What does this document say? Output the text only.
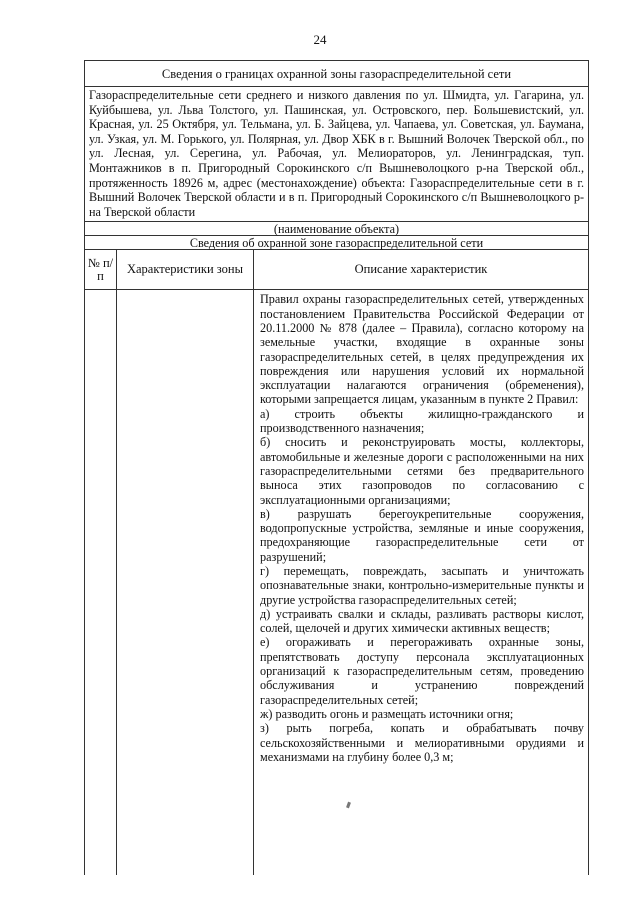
24
Сведения о границах охранной зоны газораспределительной сети

Газораспределительные сети среднего и низкого давления по ул. Шмидта, ул. Гагарина, ул. Куйбышева, ул. Льва Толстого, ул. Пашинская, ул. Островского, пер. Большевистский, ул. Красная, ул. 25 Октября, ул. Тельмана, ул. Б. Зайцева, ул. Чапаева, ул. Советская, ул. Баумана, ул. Узкая, ул. М. Горького, ул. Полярная, ул. Двор ХБК в г. Вышний Волочек Тверской обл., по ул. Лесная, ул. Серегина, ул. Рабочая, ул. Мелиораторов, ул. Ленинградская, туп. Монтажников в п. Пригородный Сорокинского с/п Вышневолоцкого р-на Тверской обл., протяженность 18926 м, адрес (местонахождение) объекта: Газораспределительные сети в г. Вышний Волочек Тверской области и в п. Пригородный Сорокинского с/п Вышневолоцкого р-на Тверской области

(наименование объекта)
Сведения об охранной зоне газораспределительной сети
№ п/п	Характеристики зоны	Описание характеристик

Правил охраны газораспределительных сетей, утвержденных постановлением Правительства Российской Федерации от 20.11.2000 № 878 (далее – Правила), согласно которому на земельные участки, входящие в охранные зоны газораспределительных сетей, в целях предупреждения их повреждения или нарушения условий их нормальной эксплуатации налагаются ограничения (обременения), которыми запрещается лицам, указанным в пункте 2 Правил:

а) строить объекты жилищно-гражданского и производственного назначения;

б) сносить и реконструировать мосты, коллекторы, автомобильные и железные дороги с расположенными на них газораспределительными сетями без предварительного выноса этих газопроводов по согласованию с эксплуатационными организациями;

в) разрушать берегоукрепительные сооружения, водопропускные устройства, земляные и иные сооружения, предохраняющие газораспределительные сети от разрушений;

г) перемещать, повреждать, засыпать и уничтожать опознавательные знаки, контрольно-измерительные пункты и другие устройства газораспределительных сетей;

д) устраивать свалки и склады, разливать растворы кислот, солей, щелочей и других химически активных веществ;

е) огораживать и перегораживать охранные зоны, препятствовать доступу персонала эксплуатационных организаций к газораспределительным сетям, проведению обслуживания и устранению повреждений газораспределительных сетей;

ж) разводить огонь и размещать источники огня;

з) рыть погреба, копать и обрабатывать почву сельскохозяйственными и мелиоративными орудиями и механизмами на глубину более 0,3 м;
